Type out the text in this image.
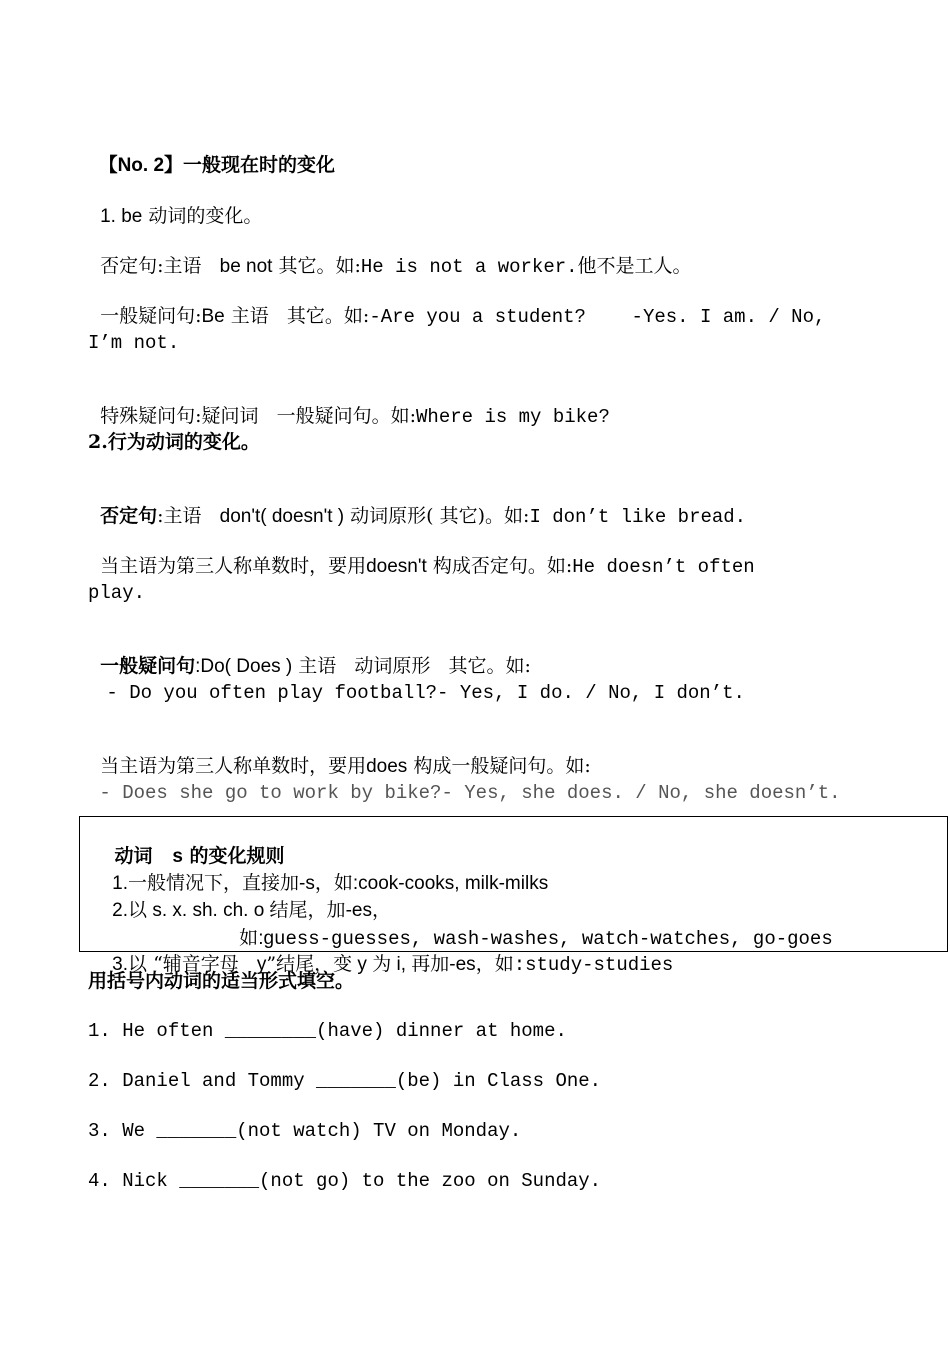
【No. 2】一般现在时的变化

1. be 动词的变化。

否定句:主语 be not 其它。如:He is not a worker.他不是工人。

一般疑问句:Be 主语   其它。如:-Are you a student?    -Yes. I am. / No,

I’m not.

特殊疑问句:疑问词   一般疑问句。如:Where is my bike?

2.行为动词的变化。

否定句:主语 don't( doesn't ) 动词原形( 其它)。如:I don’t like bread.

当主语为第三人称单数时，要用doesn't 构成否定句。如:He doesn’t often

play.

一般疑问句:Do( Does ) 主语   动词原形   其它。如:

- Do you often play football?- Yes, I do. / No, I don’t.

当主语为第三人称单数时，要用does 构成一般疑问句。如:

- Does she go to work by bike?- Yes, she does. / No, she doesn’t.

动词   s 的变化规则

1.一般情况下，直接加-s，如:cook-cooks, milk-milks

2.以 s. x. sh. ch. o 结尾，加-es，

如:guess-guesses, wash-washes, watch-watches, go-goes

3.以 “辅音字母   y”结尾，变 y 为 i, 再加-es，如:study-studies

用括号内动词的适当形式填空。
1. He often ________(have) dinner at home.
2. Daniel and Tommy _______(be) in Class One.
3. We _______(not watch) TV on Monday.
4. Nick _______(not go) to the zoo on Sunday.
